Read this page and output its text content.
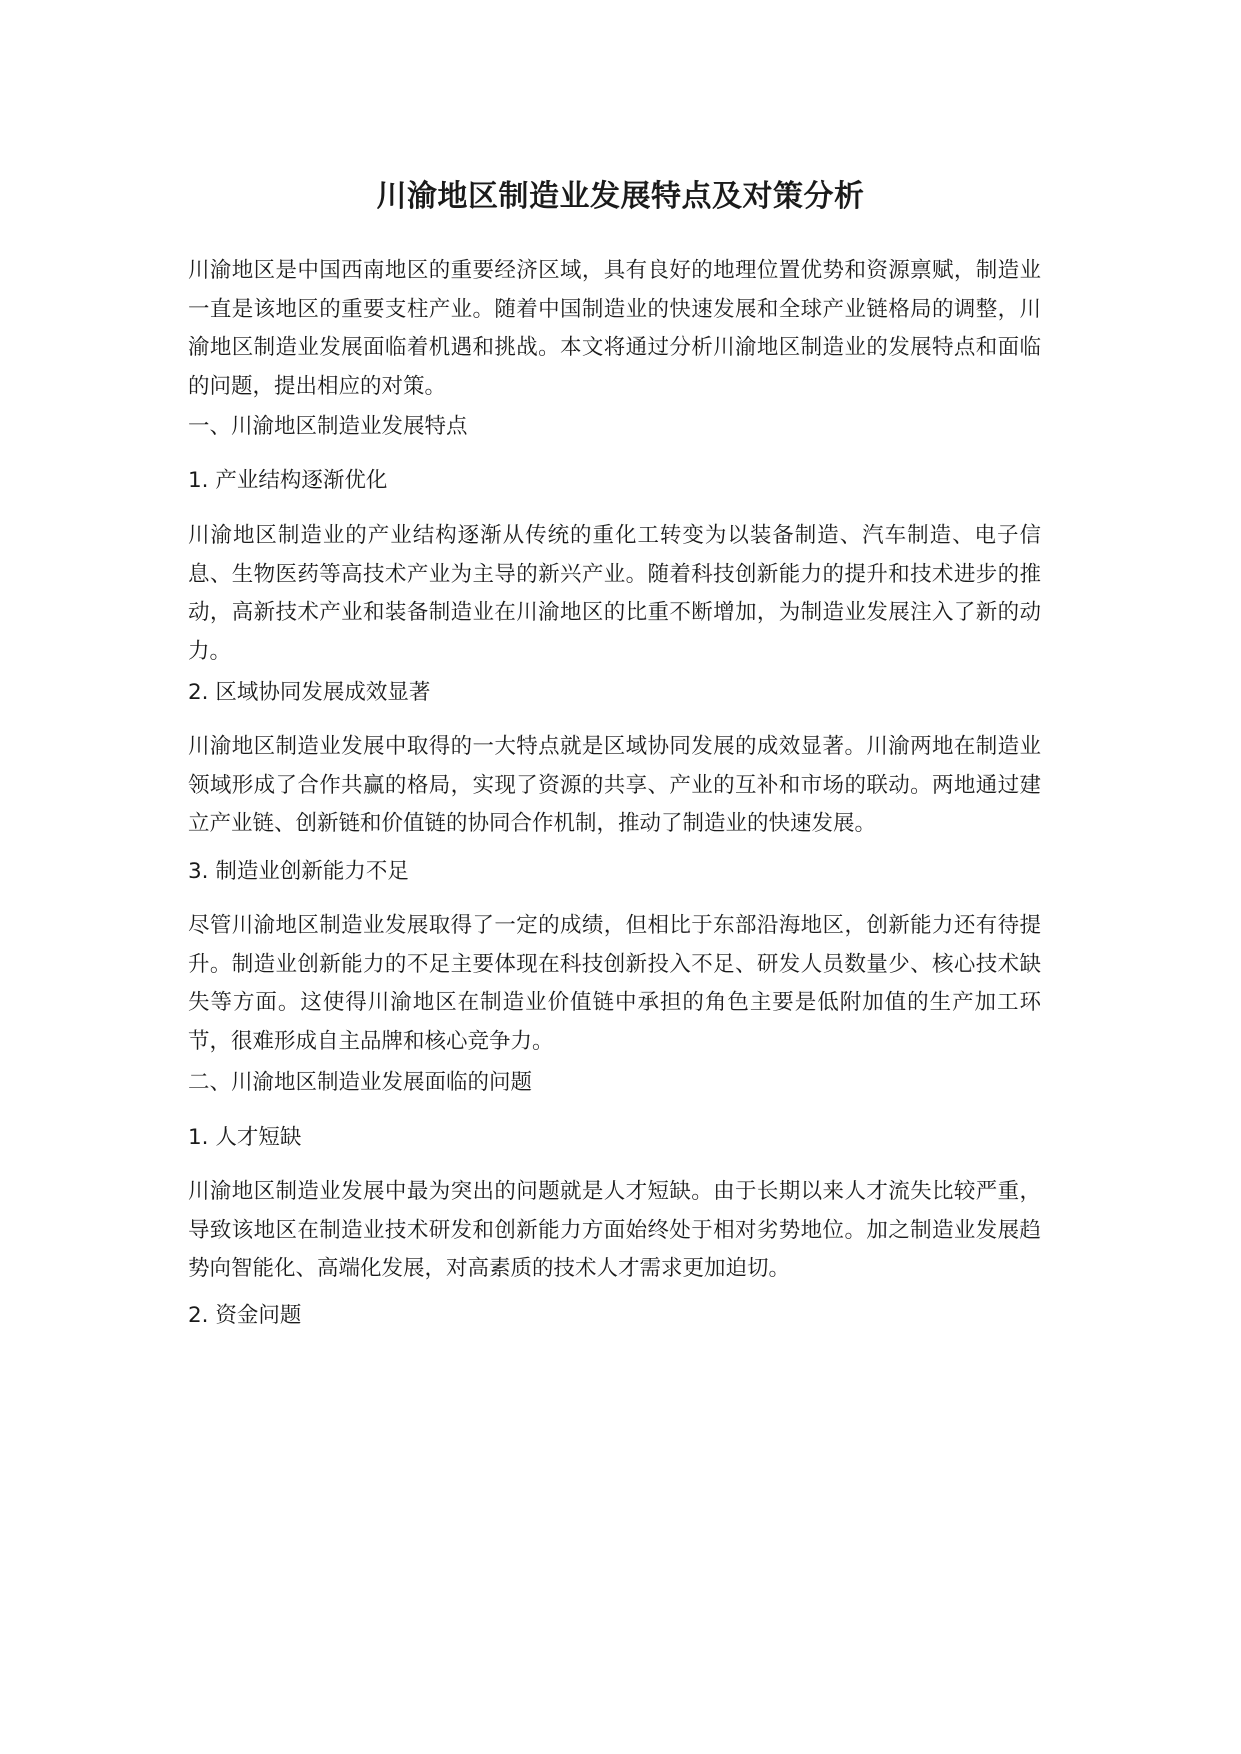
川渝地区制造业发展特点及对策分析

川渝地区是中国西南地区的重要经济区域，具有良好的地理位置优势和资源禀赋，制造业一直是该地区的重要支柱产业。随着中国制造业的快速发展和全球产业链格局的调整，川渝地区制造业发展面临着机遇和挑战。本文将通过分析川渝地区制造业的发展特点和面临的问题，提出相应的对策。

一、川渝地区制造业发展特点

1. 产业结构逐渐优化

川渝地区制造业的产业结构逐渐从传统的重化工转变为以装备制造、汽车制造、电子信息、生物医药等高技术产业为主导的新兴产业。随着科技创新能力的提升和技术进步的推动，高新技术产业和装备制造业在川渝地区的比重不断增加，为制造业发展注入了新的动力。

2. 区域协同发展成效显著

川渝地区制造业发展中取得的一大特点就是区域协同发展的成效显著。川渝两地在制造业领域形成了合作共赢的格局，实现了资源的共享、产业的互补和市场的联动。两地通过建立产业链、创新链和价值链的协同合作机制，推动了制造业的快速发展。

3. 制造业创新能力不足

尽管川渝地区制造业发展取得了一定的成绩，但相比于东部沿海地区，创新能力还有待提升。制造业创新能力的不足主要体现在科技创新投入不足、研发人员数量少、核心技术缺失等方面。这使得川渝地区在制造业价值链中承担的角色主要是低附加值的生产加工环节，很难形成自主品牌和核心竞争力。

二、川渝地区制造业发展面临的问题

1. 人才短缺

川渝地区制造业发展中最为突出的问题就是人才短缺。由于长期以来人才流失比较严重，导致该地区在制造业技术研发和创新能力方面始终处于相对劣势地位。加之制造业发展趋势向智能化、高端化发展，对高素质的技术人才需求更加迫切。

2. 资金问题
